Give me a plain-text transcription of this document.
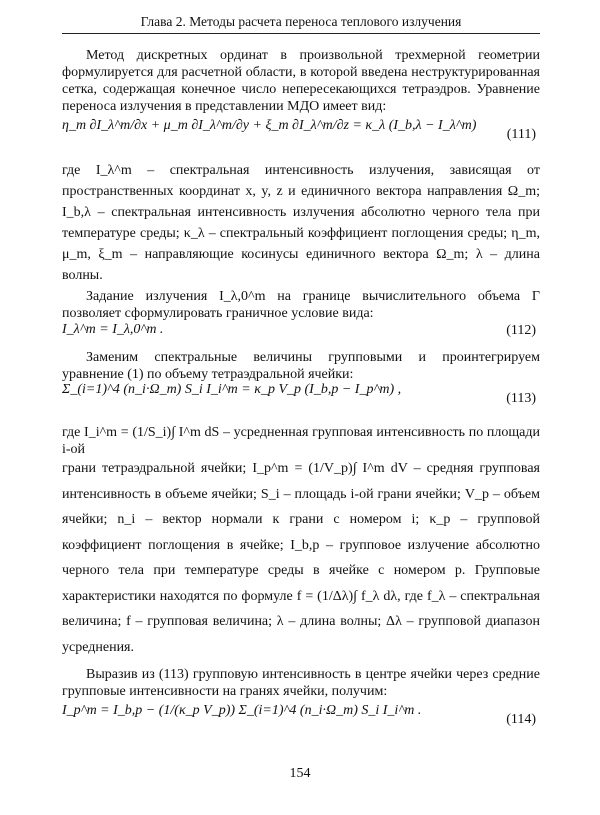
Глава 2. Методы расчета переноса теплового излучения
Метод дискретных ординат в произвольной трехмерной геометрии формулируется для расчетной области, в которой введена неструктурированная сетка, содержащая конечное число непересекающихся тетраэдров. Уравнение переноса излучения в представлении МДО имеет вид:
η_m ∂I_λ^m/∂x + μ_m ∂I_λ^m/∂y + ξ_m ∂I_λ^m/∂z = κ_λ (I_b,λ − I_λ^m)
(111)
где I_λ^m – спектральная интенсивность излучения, зависящая от пространственных координат x, y, z и единичного вектора направления Ω_m; I_b,λ – спектральная интенсивность излучения абсолютно черного тела при температуре среды; κ_λ – спектральный коэффициент поглощения среды; η_m, μ_m, ξ_m – направляющие косинусы единичного вектора Ω_m; λ – длина волны.
Задание излучения I_λ,0^m на границе вычислительного объема Γ позволяет сформулировать граничное условие вида:
I_λ^m = I_λ,0^m .	(112)
Заменим спектральные величины групповыми и проинтегрируем уравнение (1) по объему тетраэдральной ячейки:
Σ_(i=1)^4 (n_i·Ω_m) S_i I_i^m = κ_p V_p (I_b,p − I_p^m) ,
(113)
где I_i^m = (1/S_i)∫ I^m dS – усредненная групповая интенсивность по площади i-ой
грани тетраэдральной ячейки; I_p^m = (1/V_p)∫ I^m dV – средняя групповая интенсивность в объеме ячейки; S_i – площадь i-ой грани ячейки; V_p – объем ячейки; n_i – вектор нормали к грани с номером i; κ_p – групповой коэффициент поглощения в ячейке; I_b,p – групповое излучение абсолютно черного тела при температуре среды в ячейке с номером p. Групповые характеристики находятся по формуле f = (1/Δλ)∫ f_λ dλ, где f_λ – спектральная величина; f – групповая величина; λ – длина волны; Δλ – групповой диапазон усреднения.
Выразив из (113) групповую интенсивность в центре ячейки через средние групповые интенсивности на гранях ячейки, получим:
I_p^m = I_b,p − (1/(κ_p V_p)) Σ_(i=1)^4 (n_i·Ω_m) S_i I_i^m .
(114)
154
